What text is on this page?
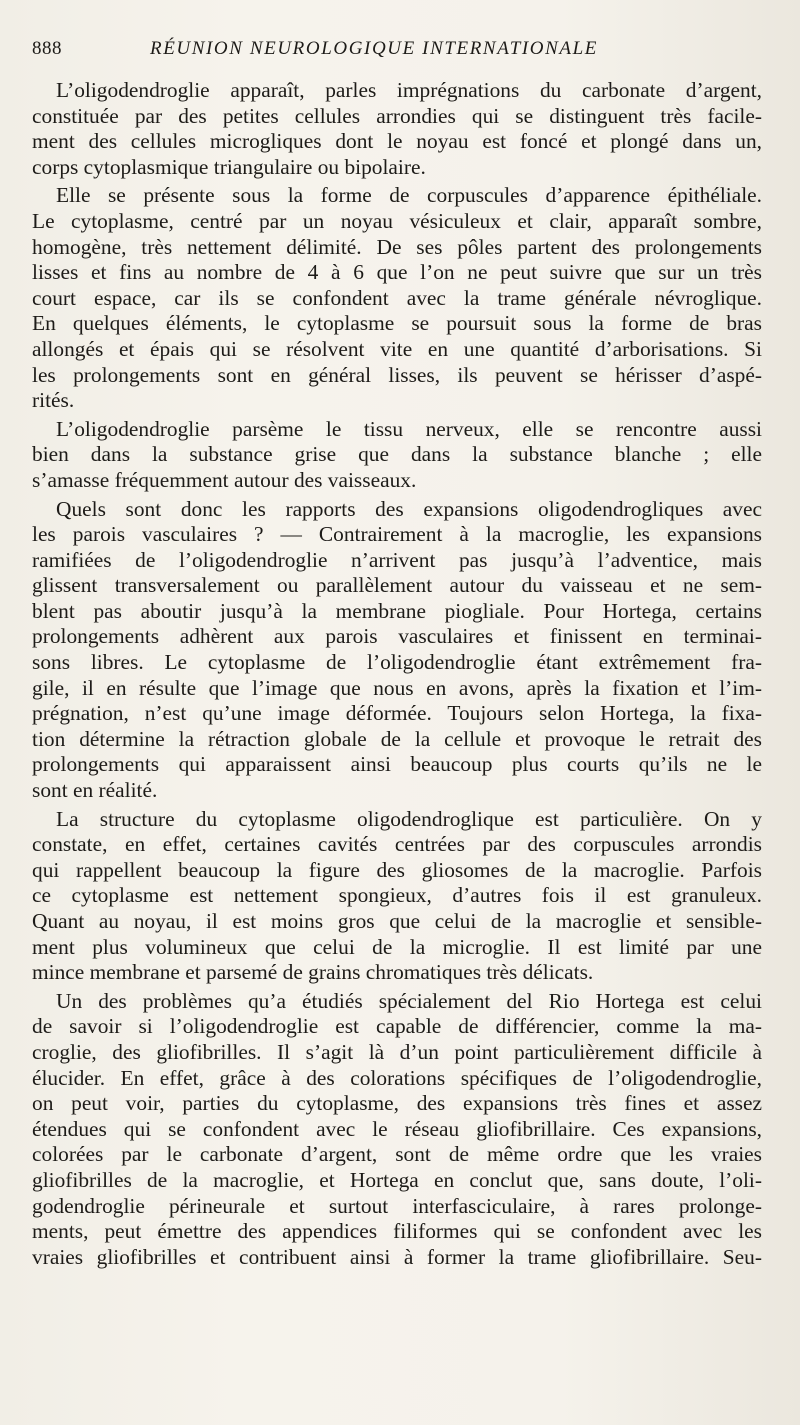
888	RÉUNION NEUROLOGIQUE INTERNATIONALE
L’oligodendroglie apparaît, parles imprégnations du carbonate d’argent,
constituée par des petites cellules arrondies qui se distinguent très facile-
ment des cellules microgliques dont le noyau est foncé et plongé dans un,
corps cytoplasmique triangulaire ou bipolaire.
Elle se présente sous la forme de corpuscules d’apparence épithéliale.
Le cytoplasme, centré par un noyau vésiculeux et clair, apparaît sombre,
homogène, très nettement délimité. De ses pôles partent des prolongements
lisses et fins au nombre de 4 à 6 que l’on ne peut suivre que sur un très
court espace, car ils se confondent avec la trame générale névroglique.
En quelques éléments, le cytoplasme se poursuit sous la forme de bras
allongés et épais qui se résolvent vite en une quantité d’arborisations. Si
les prolongements sont en général lisses, ils peuvent se hérisser d’aspé-
rités.
L’oligodendroglie parsème le tissu nerveux, elle se rencontre aussi
bien dans la substance grise que dans la substance blanche ; elle
s’amasse fréquemment autour des vaisseaux.
Quels sont donc les rapports des expansions oligodendrogliques avec
les parois vasculaires ? — Contrairement à la macroglie, les expansions
ramifiées de l’oligodendroglie n’arrivent pas jusqu’à l’adventice, mais
glissent transversalement ou parallèlement autour du vaisseau et ne sem-
blent pas aboutir jusqu’à la membrane piogliale. Pour Hortega, certains
prolongements adhèrent aux parois vasculaires et finissent en terminai-
sons libres. Le cytoplasme de l’oligodendroglie étant extrêmement fra-
gile, il en résulte que l’image que nous en avons, après la fixation et l’im-
prégnation, n’est qu’une image déformée. Toujours selon Hortega, la fixa-
tion détermine la rétraction globale de la cellule et provoque le retrait des
prolongements qui apparaissent ainsi beaucoup plus courts qu’ils ne le
sont en réalité.
La structure du cytoplasme oligodendroglique est particulière. On y
constate, en effet, certaines cavités centrées par des corpuscules arrondis
qui rappellent beaucoup la figure des gliosomes de la macroglie. Parfois
ce cytoplasme est nettement spongieux, d’autres fois il est granuleux.
Quant au noyau, il est moins gros que celui de la macroglie et sensible-
ment plus volumineux que celui de la microglie. Il est limité par une
mince membrane et parsemé de grains chromatiques très délicats.
Un des problèmes qu’a étudiés spécialement del Rio Hortega est celui
de savoir si l’oligodendroglie est capable de différencier, comme la ma-
croglie, des gliofibrilles. Il s’agit là d’un point particulièrement difficile à
élucider. En effet, grâce à des colorations spécifiques de l’oligodendroglie,
on peut voir, parties du cytoplasme, des expansions très fines et assez
étendues qui se confondent avec le réseau gliofibrillaire. Ces expansions,
colorées par le carbonate d’argent, sont de même ordre que les vraies
gliofibrilles de la macroglie, et Hortega en conclut que, sans doute, l’oli-
godendroglie périneurale et surtout interfasciculaire, à rares prolonge-
ments, peut émettre des appendices filiformes qui se confondent avec les
vraies gliofibrilles et contribuent ainsi à former la trame gliofibrillaire. Seu-
